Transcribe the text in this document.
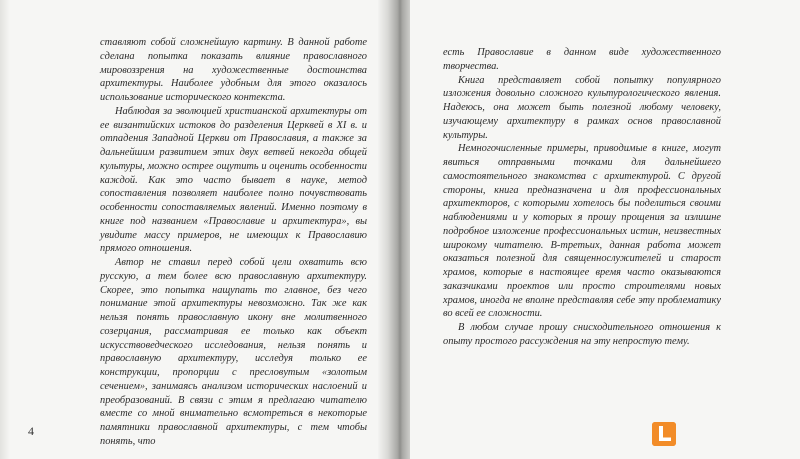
ставляют собой сложнейшую картину. В данной работе сделана попытка показать влияние православного мировоззрения на художественные достоинства архитектуры. Наиболее удобным для этого оказалось использование исторического контекста.

Наблюдая за эволюцией христианской архитектуры от ее византийских истоков до разделения Церквей в XI в. и отпадения Западной Церкви от Православия, а также за дальнейшим развитием этих двух ветвей некогда общей культуры, можно острее ощутить и оценить особенности каждой. Как это часто бывает в науке, метод сопоставления позволяет наиболее полно почувствовать особенности сопоставляемых явлений. Именно поэтому в книге под названием «Православие и архитектура», вы увидите массу примеров, не имеющих к Православию прямого отношения.

Автор не ставил перед собой цели охватить всю русскую, а тем более всю православную архитектуру. Скорее, это попытка нащупать то главное, без чего понимание этой архитектуры невозможно. Так же как нельзя понять православную икону вне молитвенного созерцания, рассматривая ее только как объект искусствоведческого исследования, нельзя понять и православную архитектуру, исследуя только ее конструкции, пропорции с пресловутым «золотым сечением», занимаясь анализом исторических наслоений и преобразований. В связи с этим я предлагаю читателю вместе со мной внимательно всмотреться в некоторые памятники православной архитектуры, с тем чтобы понять, что

4

есть Православие в данном виде художественного творчества.

Книга представляет собой попытку популярного изложения довольно сложного культурологического явления. Надеюсь, она может быть полезной любому человеку, изучающему архитектуру в рамках основ православной культуры.

Немногочисленные примеры, приводимые в книге, могут явиться отправными точками для дальнейшего самостоятельного знакомства с архитектурой. С другой стороны, книга предназначена и для профессиональных архитекторов, с которыми хотелось бы поделиться своими наблюдениями и у которых я прошу прощения за излишне подробное изложение профессиональных истин, неизвестных широкому читателю. В-третьих, данная работа может оказаться полезной для священнослужителей и старост храмов, которые в настоящее время часто оказываются заказчиками проектов или просто строителями новых храмов, иногда не вполне представляя себе эту проблематику во всей ее сложности.

В любом случае прошу снисходительного отношения к опыту простого рассуждения на эту непростую тему.
